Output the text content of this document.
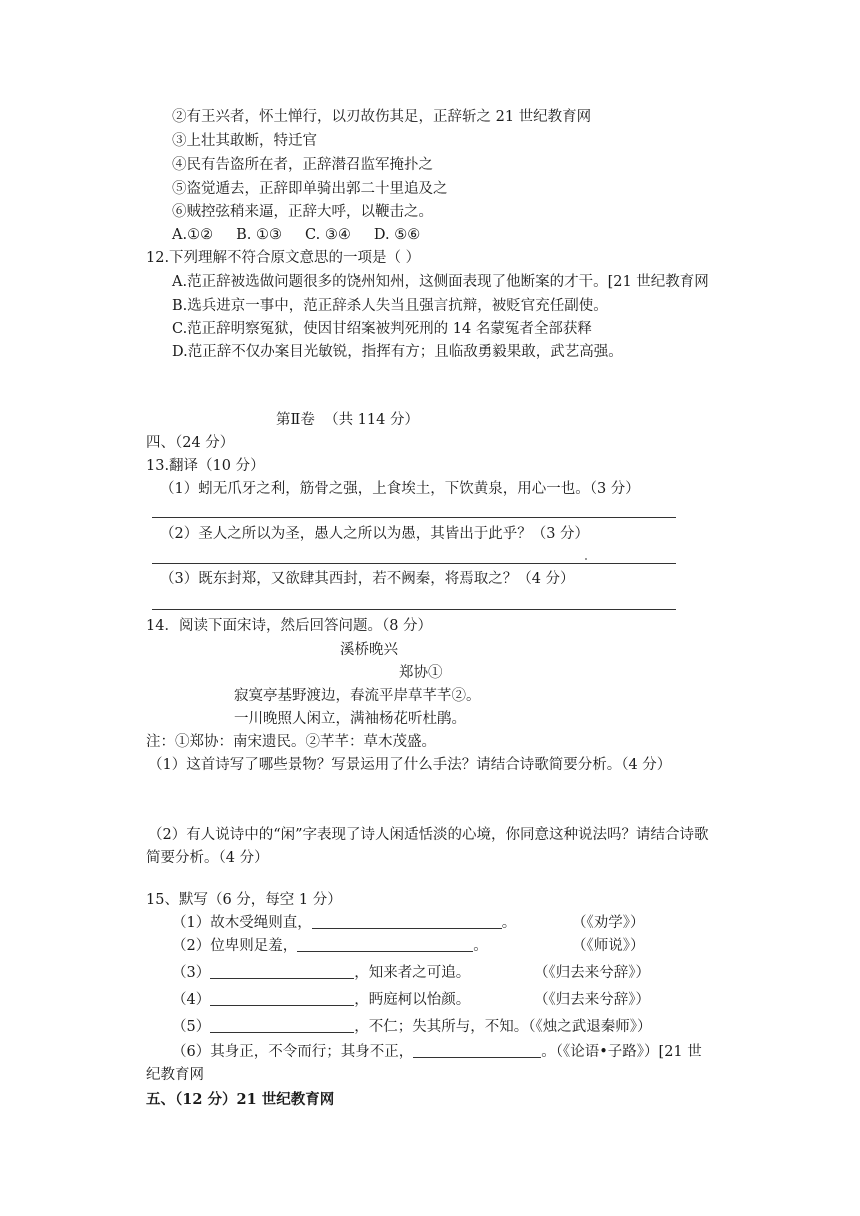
②有王兴者，怀土惮行，以刃故伤其足，正辞斩之 21 世纪教育网
③上壮其敢断，特迁官
④民有告盗所在者，正辞潜召监军掩扑之
⑤盗觉遁去，正辞即单骑出郭二十里追及之
⑥贼控弦稍来逼，正辞大呼，以鞭击之。
A.①②     B. ①③     C. ③④     D. ⑤⑥
12.下列理解不符合原文意思的一项是（ ）
A.范正辞被选做问题很多的饶州知州，这侧面表现了他断案的才干。[21 世纪教育网
B.选兵进京一事中，范正辞杀人失当且强言抗辩，被贬官充任副使。
C.范正辞明察冤狱，使因甘绍案被判死刑的 14 名蒙冤者全部获释
D.范正辞不仅办案目光敏锐，指挥有方；且临敌勇毅果敢，武艺高强。
第Ⅱ卷  （共 114 分）
四、（24 分）
13.翻译（10 分）
（1）蚓无爪牙之利，筋骨之强，上食埃土，下饮黄泉，用心一也。（3 分）
（2）圣人之所以为圣，愚人之所以为愚，其皆出于此乎？（3 分）
（3）既东封郑，又欲肆其西封，若不阙秦，将焉取之？（4 分）
14．阅读下面宋诗，然后回答问题。（8 分）
溪桥晚兴
郑协①
寂寞亭基野渡边，春流平岸草芊芊②。
一川晚照人闲立，满袖杨花听杜鹃。
注：①郑协：南宋遗民。②芊芊：草木茂盛。
（1）这首诗写了哪些景物？写景运用了什么手法？请结合诗歌简要分析。（4 分）
（2）有人说诗中的“闲”字表现了诗人闲适恬淡的心境，你同意这种说法吗？请结合诗歌
简要分析。（4 分）
15、默写（6 分，每空 1 分）
（1）故木受绳则直，	。	（《劝学》）
（2）位卑则足羞，	。	（《师说》）
（3）	，知来者之可追。	（《归去来兮辞》）
（4）	，眄庭柯以怡颜。	（《归去来兮辞》）
（5）	，不仁；失其所与，不知。（《烛之武退秦师》）
（6）其身正，不令而行；其身不正，	。（《论语•子路》）[21 世
纪教育网
五、（12 分）21 世纪教育网
